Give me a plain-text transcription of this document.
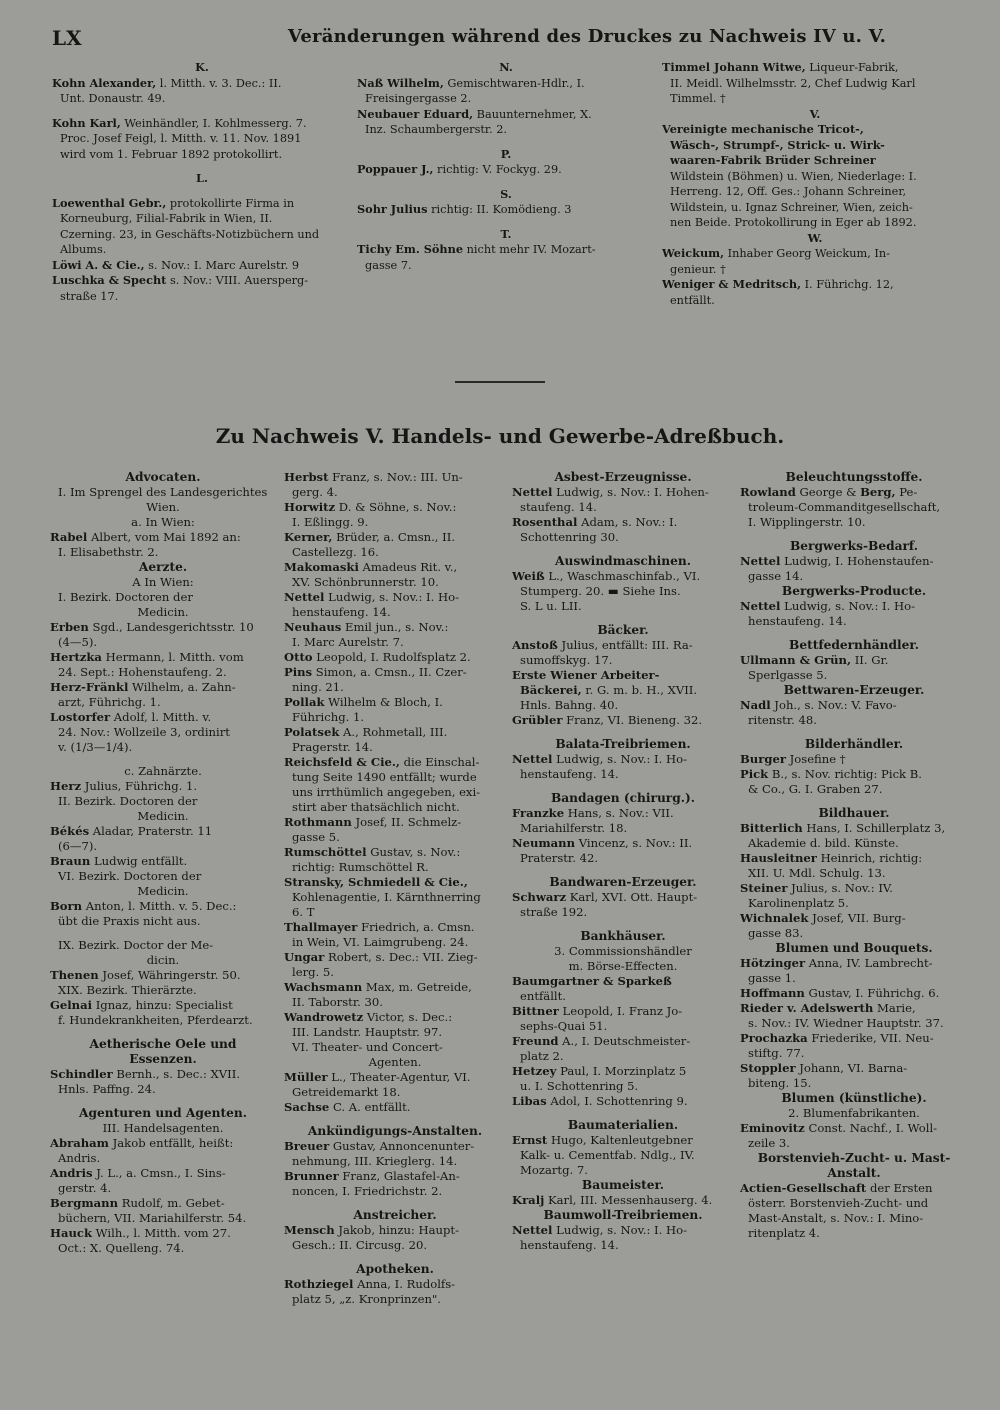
LX	Veränderungen während des Druckes zu Nachweis IV u. V.
K.
Kohn Alexander, l. Mitth. v. 3. Dec.: II.
Unt. Donaustr. 49.
Kohn Karl, Weinhändler, I. Kohlmesserg. 7.
Proc. Josef Feigl, l. Mitth. v. 11. Nov. 1891
wird vom 1. Februar 1892 protokollirt.
L.
Loewenthal Gebr., protokollirte Firma in
Korneuburg, Filial-Fabrik in Wien, II.
Czerning. 23, in Geschäfts-Notizbüchern und
Albums.
Löwi A. & Cie., s. Nov.: I. Marc Aurelstr. 9
Luschka & Specht s. Nov.: VIII. Auersperg-
straße 17.
N.
Naß Wilhelm, Gemischtwaren-Hdlr., I.
Freisingergasse 2.
Neubauer Eduard, Bauunternehmer, X.
Inz. Schaumbergerstr. 2.
P.
Poppauer J., richtig: V. Fockyg. 29.
S.
Sohr Julius richtig: II. Komödieng. 3
T.
Tichy Em. Söhne nicht mehr IV. Mozart-
gasse 7.
Timmel Johann Witwe, Liqueur-Fabrik,
II. Meidl. Wilhelmsstr. 2, Chef Ludwig Karl
Timmel. †
V.
Vereinigte mechanische Tricot-,
Wäsch-, Strumpf-, Strick- u. Wirk-
waaren-Fabrik Brüder Schreiner
Wildstein (Böhmen) u. Wien, Niederlage: I.
Herreng. 12, Off. Ges.: Johann Schreiner,
Wildstein, u. Ignaz Schreiner, Wien, zeich-
nen Beide. Protokollirung in Eger ab 1892.
W.
Weickum, Inhaber Georg Weickum, In-
genieur. †
Weniger & Medritsch, I. Führichg. 12,
entfällt.
Zu Nachweis V. Handels- und Gewerbe-Adreßbuch.
Advocaten.
I. Im Sprengel des Landesgerichtes
Wien.
a. In Wien:
Rabel Albert, vom Mai 1892 an:
I. Elisabethstr. 2.
Aerzte.
A In Wien:
I. Bezirk. Doctoren der
Medicin.
Erben Sgd., Landesgerichtsstr. 10
(4—5).
Hertzka Hermann, l. Mitth. vom
24. Sept.: Hohenstaufeng. 2.
Herz-Fränkl Wilhelm, a. Zahn-
arzt, Führichg. 1.
Lostorfer Adolf, l. Mitth. v.
24. Nov.: Wollzeile 3, ordinirt
v. (1/3—1/4).
c. Zahnärzte.
Herz Julius, Führichg. 1.
II. Bezirk. Doctoren der
Medicin.
Békés Aladar, Praterstr. 11
(6—7).
Braun Ludwig entfällt.
VI. Bezirk. Doctoren der
Medicin.
Born Anton, l. Mitth. v. 5. Dec.:
übt die Praxis nicht aus.
IX. Bezirk. Doctor der Me-
dicin.
Thenen Josef, Währingerstr. 50.
XIX. Bezirk. Thierärzte.
Gelnai Ignaz, hinzu: Specialist
f. Hundekrankheiten, Pferdearzt.
Aetherische Oele und
Essenzen.
Schindler Bernh., s. Dec.: XVII.
Hnls. Paffng. 24.
Agenturen und Agenten.
III. Handelsagenten.
Abraham Jakob entfällt, heißt:
Andris.
Andris J. L., a. Cmsn., I. Sins-
gerstr. 4.
Bergmann Rudolf, m. Gebet-
büchern, VII. Mariahilferstr. 54.
Hauck Wilh., l. Mitth. vom 27.
Oct.: X. Quelleng. 74.
Herbst Franz, s. Nov.: III. Un-
gerg. 4.
Horwitz D. & Söhne, s. Nov.:
I. Eßlingg. 9.
Kerner, Brüder, a. Cmsn., II.
Castellezg. 16.
Makomaski Amadeus Rit. v.,
XV. Schönbrunnerstr. 10.
Nettel Ludwig, s. Nov.: I. Ho-
henstaufeng. 14.
Neuhaus Emil jun., s. Nov.:
I. Marc Aurelstr. 7.
Otto Leopold, I. Rudolfsplatz 2.
Pins Simon, a. Cmsn., II. Czer-
ning. 21.
Pollak Wilhelm & Bloch, I.
Führichg. 1.
Polatsek A., Rohmetall, III.
Pragerstr. 14.
Reichsfeld & Cie., die Einschal-
tung Seite 1490 entfällt; wurde
uns irrthümlich angegeben, exi-
stirt aber thatsächlich nicht.
Rothmann Josef, II. Schmelz-
gasse 5.
Rumschöttel Gustav, s. Nov.:
richtig: Rumschöttel R.
Stransky, Schmiedell & Cie.,
Kohlenagentie, I. Kärnthnerring
6. T
Thallmayer Friedrich, a. Cmsn.
in Wein, VI. Laimgrubeng. 24.
Ungar Robert, s. Dec.: VII. Zieg-
lerg. 5.
Wachsmann Max, m. Getreide,
II. Taborstr. 30.
Wandrowetz Victor, s. Dec.:
III. Landstr. Hauptstr. 97.
VI. Theater- und Concert-
Agenten.
Müller L., Theater-Agentur, VI.
Getreidemarkt 18.
Sachse C. A. entfällt.
Ankündigungs-Anstalten.
Breuer Gustav, Annoncenunter-
nehmung, III. Krieglerg. 14.
Brunner Franz, Glastafel-An-
noncen, I. Friedrichstr. 2.
Anstreicher.
Mensch Jakob, hinzu: Haupt-
Gesch.: II. Circusg. 20.
Apotheken.
Rothziegel Anna, I. Rudolfs-
platz 5, „z. Kronprinzen".
Asbest-Erzeugnisse.
Nettel Ludwig, s. Nov.: I. Hohen-
staufeng. 14.
Rosenthal Adam, s. Nov.: I.
Schottenring 30.
Auswindmaschinen.
Weiß L., Waschmaschinfab., VI.
Stumperg. 20. ▬ Siehe Ins.
S. L u. LII.
Bäcker.
Anstoß Julius, entfällt: III. Ra-
sumoffskyg. 17.
Erste Wiener Arbeiter-
Bäckerei, r. G. m. b. H., XVII.
Hnls. Bahng. 40.
Grübler Franz, VI. Bieneng. 32.
Balata-Treibriemen.
Nettel Ludwig, s. Nov.: I. Ho-
henstaufeng. 14.
Bandagen (chirurg.).
Franzke Hans, s. Nov.: VII.
Mariahilferstr. 18.
Neumann Vincenz, s. Nov.: II.
Praterstr. 42.
Bandwaren-Erzeuger.
Schwarz Karl, XVI. Ott. Haupt-
straße 192.
Bankhäuser.
3. Commissionshändler
m. Börse-Effecten.
Baumgartner & Sparkeß
entfällt.
Bittner Leopold, I. Franz Jo-
sephs-Quai 51.
Freund A., I. Deutschmeister-
platz 2.
Hetzey Paul, I. Morzinplatz 5
u. I. Schottenring 5.
Libas Adol, I. Schottenring 9.
Baumaterialien.
Ernst Hugo, Kaltenleutgebner
Kalk- u. Cementfab. Ndlg., IV.
Mozartg. 7.
Baumeister.
Kralj Karl, III. Messenhauserg. 4.
Baumwoll-Treibriemen.
Nettel Ludwig, s. Nov.: I. Ho-
henstaufeng. 14.
Beleuchtungsstoffe.
Rowland George & Berg, Pe-
troleum-Commanditgesellschaft,
I. Wipplingerstr. 10.
Bergwerks-Bedarf.
Nettel Ludwig, I. Hohenstaufen-
gasse 14.
Bergwerks-Producte.
Nettel Ludwig, s. Nov.: I. Ho-
henstaufeng. 14.
Bettfedernhändler.
Ullmann & Grün, II. Gr.
Sperlgasse 5.
Bettwaren-Erzeuger.
Nadl Joh., s. Nov.: V. Favo-
ritenstr. 48.
Bilderhändler.
Burger Josefine †
Pick B., s. Nov. richtig: Pick B.
& Co., G. I. Graben 27.
Bildhauer.
Bitterlich Hans, I. Schillerplatz 3,
Akademie d. bild. Künste.
Hausleitner Heinrich, richtig:
XII. U. Mdl. Schulg. 13.
Steiner Julius, s. Nov.: IV.
Karolinenplatz 5.
Wichnalek Josef, VII. Burg-
gasse 83.
Blumen und Bouquets.
Hötzinger Anna, IV. Lambrecht-
gasse 1.
Hoffmann Gustav, I. Führichg. 6.
Rieder v. Adelswerth Marie,
s. Nov.: IV. Wiedner Hauptstr. 37.
Prochazka Friederike, VII. Neu-
stiftg. 77.
Stoppler Johann, VI. Barna-
biteng. 15.
Blumen (künstliche).
2. Blumenfabrikanten.
Eminovitz Const. Nachf., I. Woll-
zeile 3.
Borstenvieh-Zucht- u. Mast-
Anstalt.
Actien-Gesellschaft der Ersten
österr. Borstenvieh-Zucht- und
Mast-Anstalt, s. Nov.: I. Mino-
ritenplatz 4.
